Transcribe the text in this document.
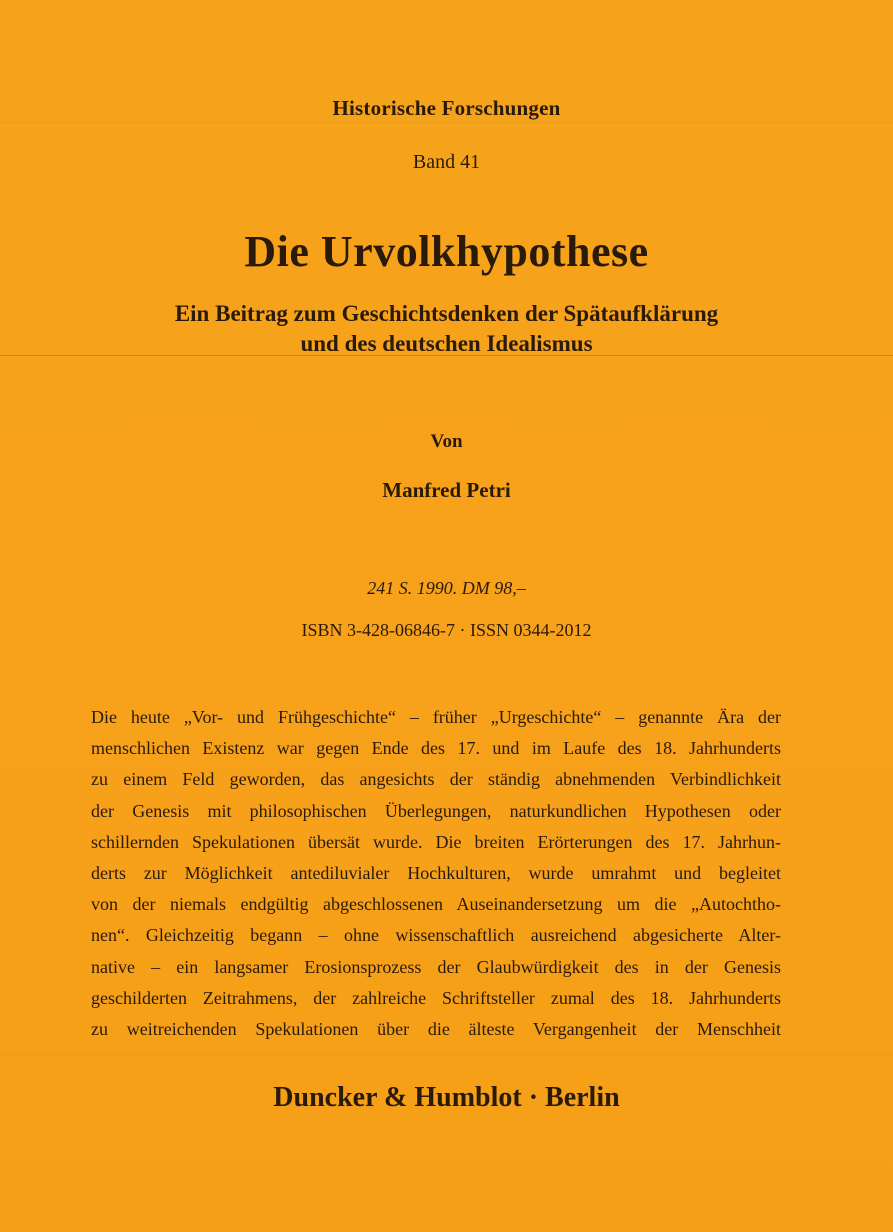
Historische Forschungen
Band 41
Die Urvolkhypothese
Ein Beitrag zum Geschichtsdenken der Spätaufklärung
und des deutschen Idealismus
Von
Manfred Petri
241 S. 1990. DM 98,–
ISBN 3-428-06846-7 · ISSN 0344-2012
Die heute „Vor- und Frühgeschichte“ – früher „Urgeschichte“ – genannte Ära der
menschlichen Existenz war gegen Ende des 17. und im Laufe des 18. Jahrhunderts
zu einem Feld geworden, das angesichts der ständig abnehmenden Verbindlichkeit
der Genesis mit philosophischen Überlegungen, naturkundlichen Hypothesen oder
schillernden Spekulationen übersät wurde. Die breiten Erörterungen des 17. Jahrhun-
derts zur Möglichkeit antediluvialer Hochkulturen, wurde umrahmt und begleitet
von der niemals endgültig abgeschlossenen Auseinandersetzung um die „Autochtho-
nen“. Gleichzeitig begann – ohne wissenschaftlich ausreichend abgesicherte Alter-
native – ein langsamer Erosionsprozess der Glaubwürdigkeit des in der Genesis
geschilderten Zeitrahmens, der zahlreiche Schriftsteller zumal des 18. Jahrhunderts
zu weitreichenden Spekulationen über die älteste Vergangenheit der Menschheit
Duncker & Humblot · Berlin
